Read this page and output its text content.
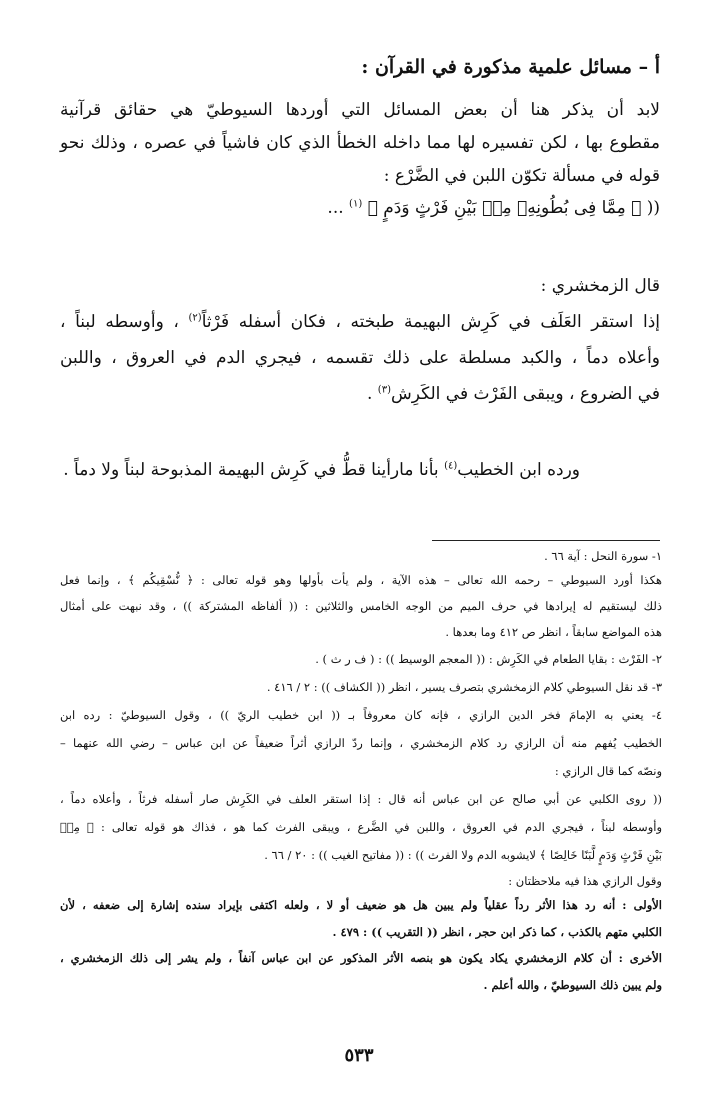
أ – مسائل علمية مذكورة في القرآن :
لابد أن يذكر هنا أن بعض المسائل التي أوردها السيوطيّ هي حقائق قرآنية
مقطوع بها ، لكن تفسيره لها مما داخله الخطأ الذي كان فاشياً في عصره ، وذلك نحو
قوله في مسألة تكوّن اللبن في الضَّرْع :
(( ﴿ مِمَّا فِى بُطُونِهِۦ مِنۢ بَيْنِ فَرْثٍ وَدَمٍ ﴾ $^{(١)}$ ...
قال الزمخشري :
إذا استقر العَلَف في كَرِش البهيمة طبخته ، فكان أسفله فَرْثاً$^{(٢)}$ ، وأوسطه لبناً ،
وأعلاه دماً ، والكبد مسلطة على ذلك تقسمه ، فيجري الدم في العروق ، واللبن
في الضروع ، ويبقى الفَرْث في الكَرِش$^{(٣)}$ .
ورده ابن الخطيب$^{(٤)}$ بأنا مارأينا قطُّ في كَرِش البهيمة المذبوحة لبناً ولا دماً .
١- سورة النحل : آية ٦٦ .
هكذا أورد السيوطي – رحمه الله تعالى – هذه الآية ، ولم يأت بأولها وهو قوله تعالى : ﴿ نُّسْقِيكُم ﴾ ، وإنما فعل
ذلك ليستقيم له إيرادها في حرف الميم من الوجه الخامس والثلاثين : (( ألفاظه المشتركة )) ، وقد نبهت على أمثال
هذه المواضع سابقاً ، انظر ص ٤١٢ وما بعدها .
٢- الفَرْث : بقايا الطعام في الكَرِش : (( المعجم الوسيط )) : ( ف ر ث ) .
٣- قد نقل السيوطي كلام الزمخشري بتصرف يسير ، انظر (( الكشاف )) : ٢ / ٤١٦ .
٤- يعني به الإمامَ فخر الدين الرازي ، فإنه كان معروفاً بـ (( ابن خطيب الريّ )) ، وقول السيوطيّ : رده ابن
الخطيب يُفهم منه أن الرازي رد كلام الزمخشري ، وإنما ردّ الرازي أثراً ضعيفاً عن ابن عباس – رضي الله عنهما –
ونصّه كما قال الرازي :
(( روى الكلبي عن أبي صالح عن ابن عباس أنه قال : إذا استقر العلف في الكَرِش صار أسفله فرثاً ، وأعلاه دماً ،
وأوسطه لبناً ، فيجري الدم في العروق ، واللبن في الضَّرع ، ويبقى الفرث كما هو ، فذاك هو قوله تعالى : ﴿ مِنۢ
بَيْنِ فَرْثٍ وَدَمٍ لَّبَنًا خَالِصًا ﴾ لايشوبه الدم ولا الفرث )) : (( مفاتيح الغيب )) : ٢٠ / ٦٦ .
وقول الرازي هذا فيه ملاحظتان :
الأولى : أنه رد هذا الأثر رداً عقلياً ولم يبين هل هو ضعيف أو لا ، ولعله اكتفى بإيراد سنده إشارة إلى ضعفه ، لأن
الكلبي متهم بالكذب ، كما ذكر ابن حجر ، انظر (( التقريب )) : ٤٧٩ .
الأخرى : أن كلام الزمخشري يكاد يكون هو بنصه الأثر المذكور عن ابن عباس آنفاً ، ولم يشر إلى ذلك الزمخشري ،
ولم يبين ذلك السيوطيّ ، والله أعلم .
٥٣٣
